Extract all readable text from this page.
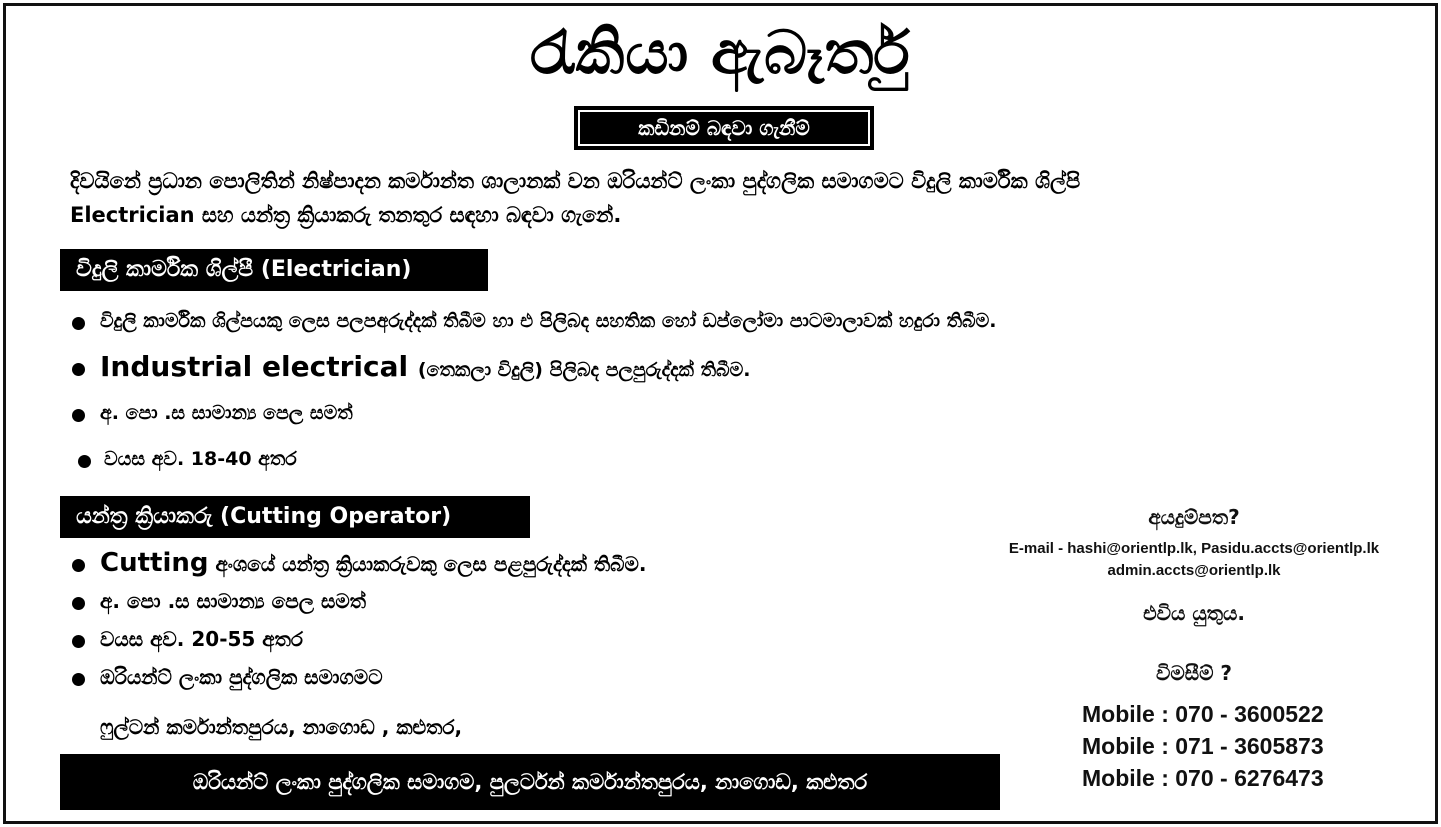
රැකියා ඇබෑර්තු
කඩිනම් බඳවා ගැනීම්
දිවයිනේ ප්‍රධාන පොලිතින් නිෂ්පාදන කර්මාන්ත ශාලානක් වන ඔරියන්ට් ලංකා පුද්ගලික සමාගමට විදුලි කාර්මික ශිල්පි
Electrician සහ යන්ත්‍ර ක්‍රියාකරු තනතුර සඳහා බඳවා ගැනේ.
විදුලි කාර්මික ශිල්පී (Electrician)
විදුලි කාර්මික ශිල්පයකු ලෙස පලපඅරුද්දක් තිබීම හා එ පිලිබද සහතික හෝ ඩප්ලෝමා පාටමාලාවක් හදුරා තිබීම.
Industrial electrical (තෙකලා විදුලි) පිලිබද පලපුරුද්දක් තිබීම.
අ. පො .ස සාමාන්‍ය පෙල සමත්
වයස අව. 18-40 අතර
යන්ත්‍ර ක්‍රියාකරු (Cutting Operator)
Cutting අංශයේ යන්ත්‍ර ක්‍රියාකරුවකු ලෙස පළපුරුද්දක් තිබීම.
අ. පො .ස සාමාන්‍ය පෙල සමත්
වයස අව. 20-55 අතර
ඔරියන්ට් ලංකා පුද්ගලික සමාගමට
ෆුල්ටන් කර්මාන්තපුරය, නාගොඩ , කළුතර,
ඔරියන්ට් ලංකා පුද්ගලික සමාගම, පුලර්ටන් කර්මාන්තපුරය, නාගොඩ, කළුතර
අයදුම්පත?
E-mail - hashi@orientlp.lk, Pasidu.accts@orientlp.lk
admin.accts@orientlp.lk
එවිය යුතුය.
විමසීම් ?
Mobile : 070 - 3600522
Mobile : 071 - 3605873
Mobile : 070 - 6276473
